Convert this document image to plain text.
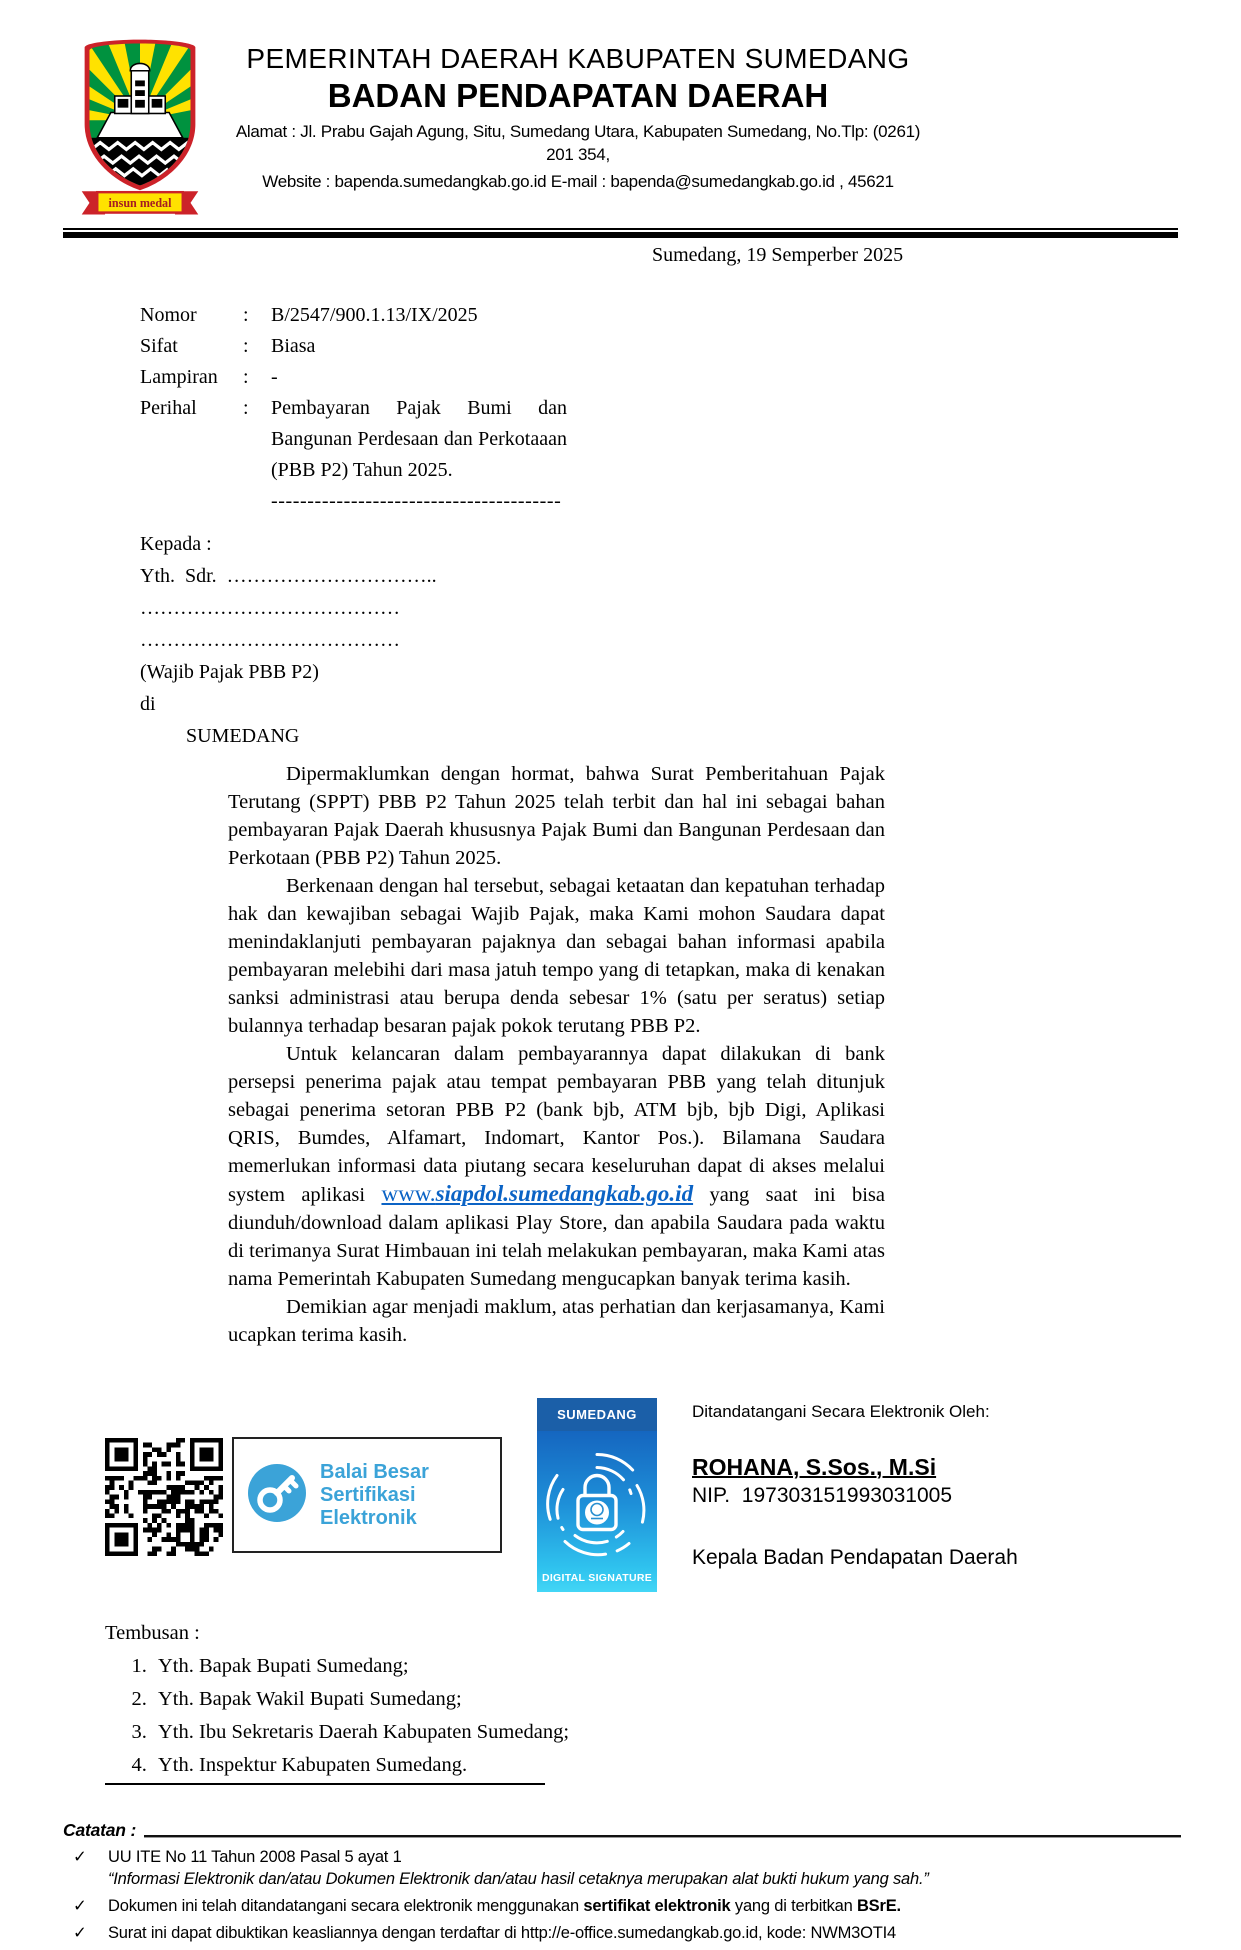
insun medal
PEMERINTAH DAERAH KABUPATEN SUMEDANG
BADAN PENDAPATAN DAERAH
Alamat : Jl. Prabu Gajah Agung, Situ, Sumedang Utara, Kabupaten Sumedang, No.Tlp: (0261) 201 354,
Website : bapenda.sumedangkab.go.id E-mail : bapenda@sumedangkab.go.id , 45621
Sumedang, 19 Semperber 2025
Nomor	:	B/2547/900.1.13/IX/2025
Sifat	:	Biasa
Lampiran	:	-
Perihal	:	Pembayaran Pajak Bumi dan Bangunan Perdesaan dan Perkotaaan (PBB P2) Tahun 2025.
----------------------------------------
Kepada :
Yth.  Sdr.  …………………………..
…………………………………
…………………………………
(Wajib Pajak PBB P2)
di
SUMEDANG

Dipermaklumkan dengan hormat, bahwa Surat Pemberitahuan Pajak Terutang (SPPT) PBB P2 Tahun 2025 telah terbit dan hal ini sebagai bahan pembayaran Pajak Daerah khususnya Pajak Bumi dan Bangunan Perdesaan dan Perkotaan (PBB P2) Tahun 2025.

Berkenaan dengan hal tersebut, sebagai ketaatan dan kepatuhan terhadap hak dan kewajiban sebagai Wajib Pajak, maka Kami mohon Saudara dapat menindaklanjuti pembayaran pajaknya dan sebagai bahan informasi apabila pembayaran melebihi dari masa jatuh tempo yang di tetapkan, maka di kenakan sanksi administrasi atau berupa denda sebesar 1% (satu per seratus) setiap bulannya terhadap besaran pajak pokok terutang PBB P2.

Untuk kelancaran dalam pembayarannya dapat dilakukan di bank persepsi penerima pajak atau tempat pembayaran PBB yang telah ditunjuk sebagai penerima setoran PBB P2 (bank bjb, ATM bjb, bjb Digi, Aplikasi QRIS, Bumdes, Alfamart, Indomart, Kantor Pos.). Bilamana Saudara memerlukan informasi data piutang secara keseluruhan dapat di akses melalui system aplikasi www.siapdol.sumedangkab.go.id yang saat ini bisa diunduh/download dalam aplikasi Play Store, dan apabila Saudara pada waktu di terimanya Surat Himbauan ini telah melakukan pembayaran, maka Kami atas nama Pemerintah Kabupaten Sumedang mengucapkan banyak terima kasih.

Demikian agar menjadi maklum, atas perhatian dan kerjasamanya, Kami ucapkan terima kasih.

Balai Besar
Sertifikasi
Elektronik
SUMEDANG
DIGITAL SIGNATURE
Ditandatangani Secara Elektronik Oleh:
ROHANA, S.Sos., M.Si
NIP.  197303151993031005
Kepala Badan Pendapatan Daerah
Tembusan :
1. Yth. Bapak Bupati Sumedang;
2. Yth. Bapak Wakil Bupati Sumedang;
3. Yth. Ibu Sekretaris Daerah Kabupaten Sumedang;
4. Yth. Inspektur Kabupaten Sumedang.
Catatan :
✓	UU ITE No 11 Tahun 2008 Pasal 5 ayat 1
“Informasi Elektronik dan/atau Dokumen Elektronik dan/atau hasil cetaknya merupakan alat bukti hukum yang sah.”
✓	Dokumen ini telah ditandatangani secara elektronik menggunakan sertifikat elektronik yang di terbitkan BSrE.
✓	Surat ini dapat dibuktikan keasliannya dengan terdaftar di http://e-office.sumedangkab.go.id, kode: NWM3OTI4
